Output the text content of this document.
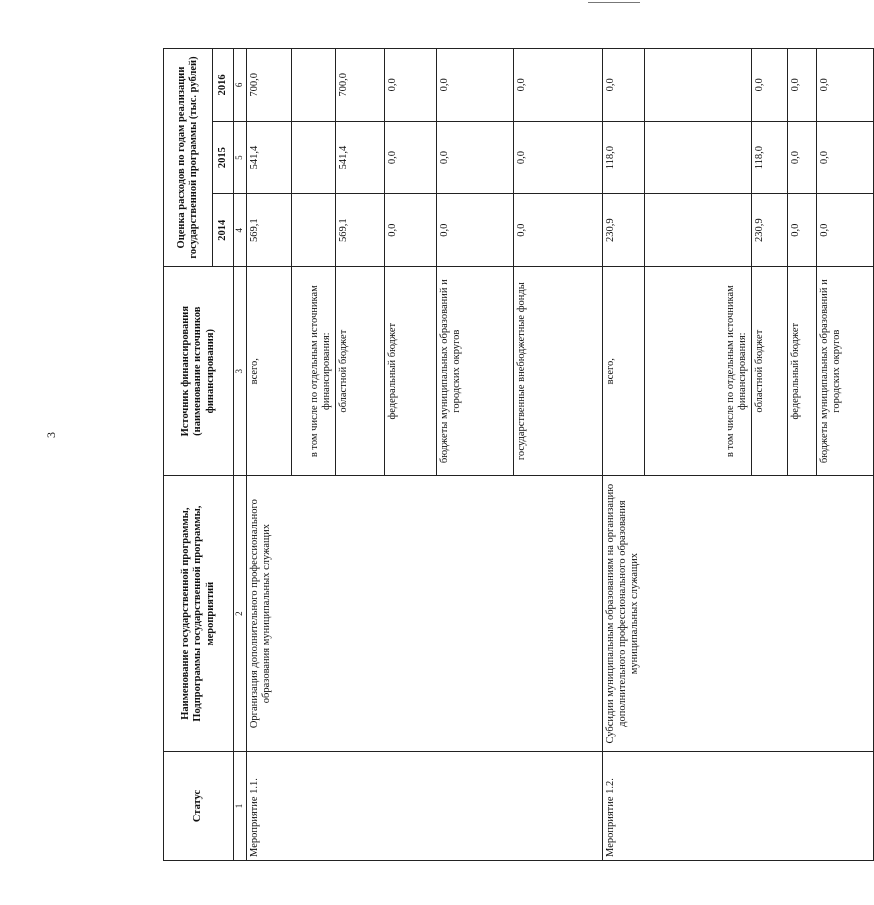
3
Статус	Наименование государственной программы, Подпрограммы государственной программы, мероприятий	Источник финансирования (наименование источников финансирования)	Оценка расходов по годам реализации государственной программы (тыс. рублей)		
			2014	2015	2016
1	2	3	4	5	6
Мероприятие 1.1.	Организация дополнительного профессионального образования муниципальных служащих	всего,	569,1	541,4	700,0
		в том числе по отдельным источникам финансирования:			
		областной бюджет	569,1	541,4	700,0
		федеральный бюджет	0,0	0,0	0,0
		бюджеты муниципальных образований и городских округов	0,0	0,0	0,0
		государственные внебюджетные фонды	0,0	0,0	0,0
Мероприятие 1.2.	Субсидии муниципальным образованиям на организацию дополнительного профессионального образования муниципальных служащих	всего,	230,9	118,0	0,0
		в том числе по отдельным источникам финансирования:			
		областной бюджет	230,9	118,0	0,0
		федеральный бюджет	0,0	0,0	0,0
		бюджеты муниципальных образований и городских округов	0,0	0,0	0,0
